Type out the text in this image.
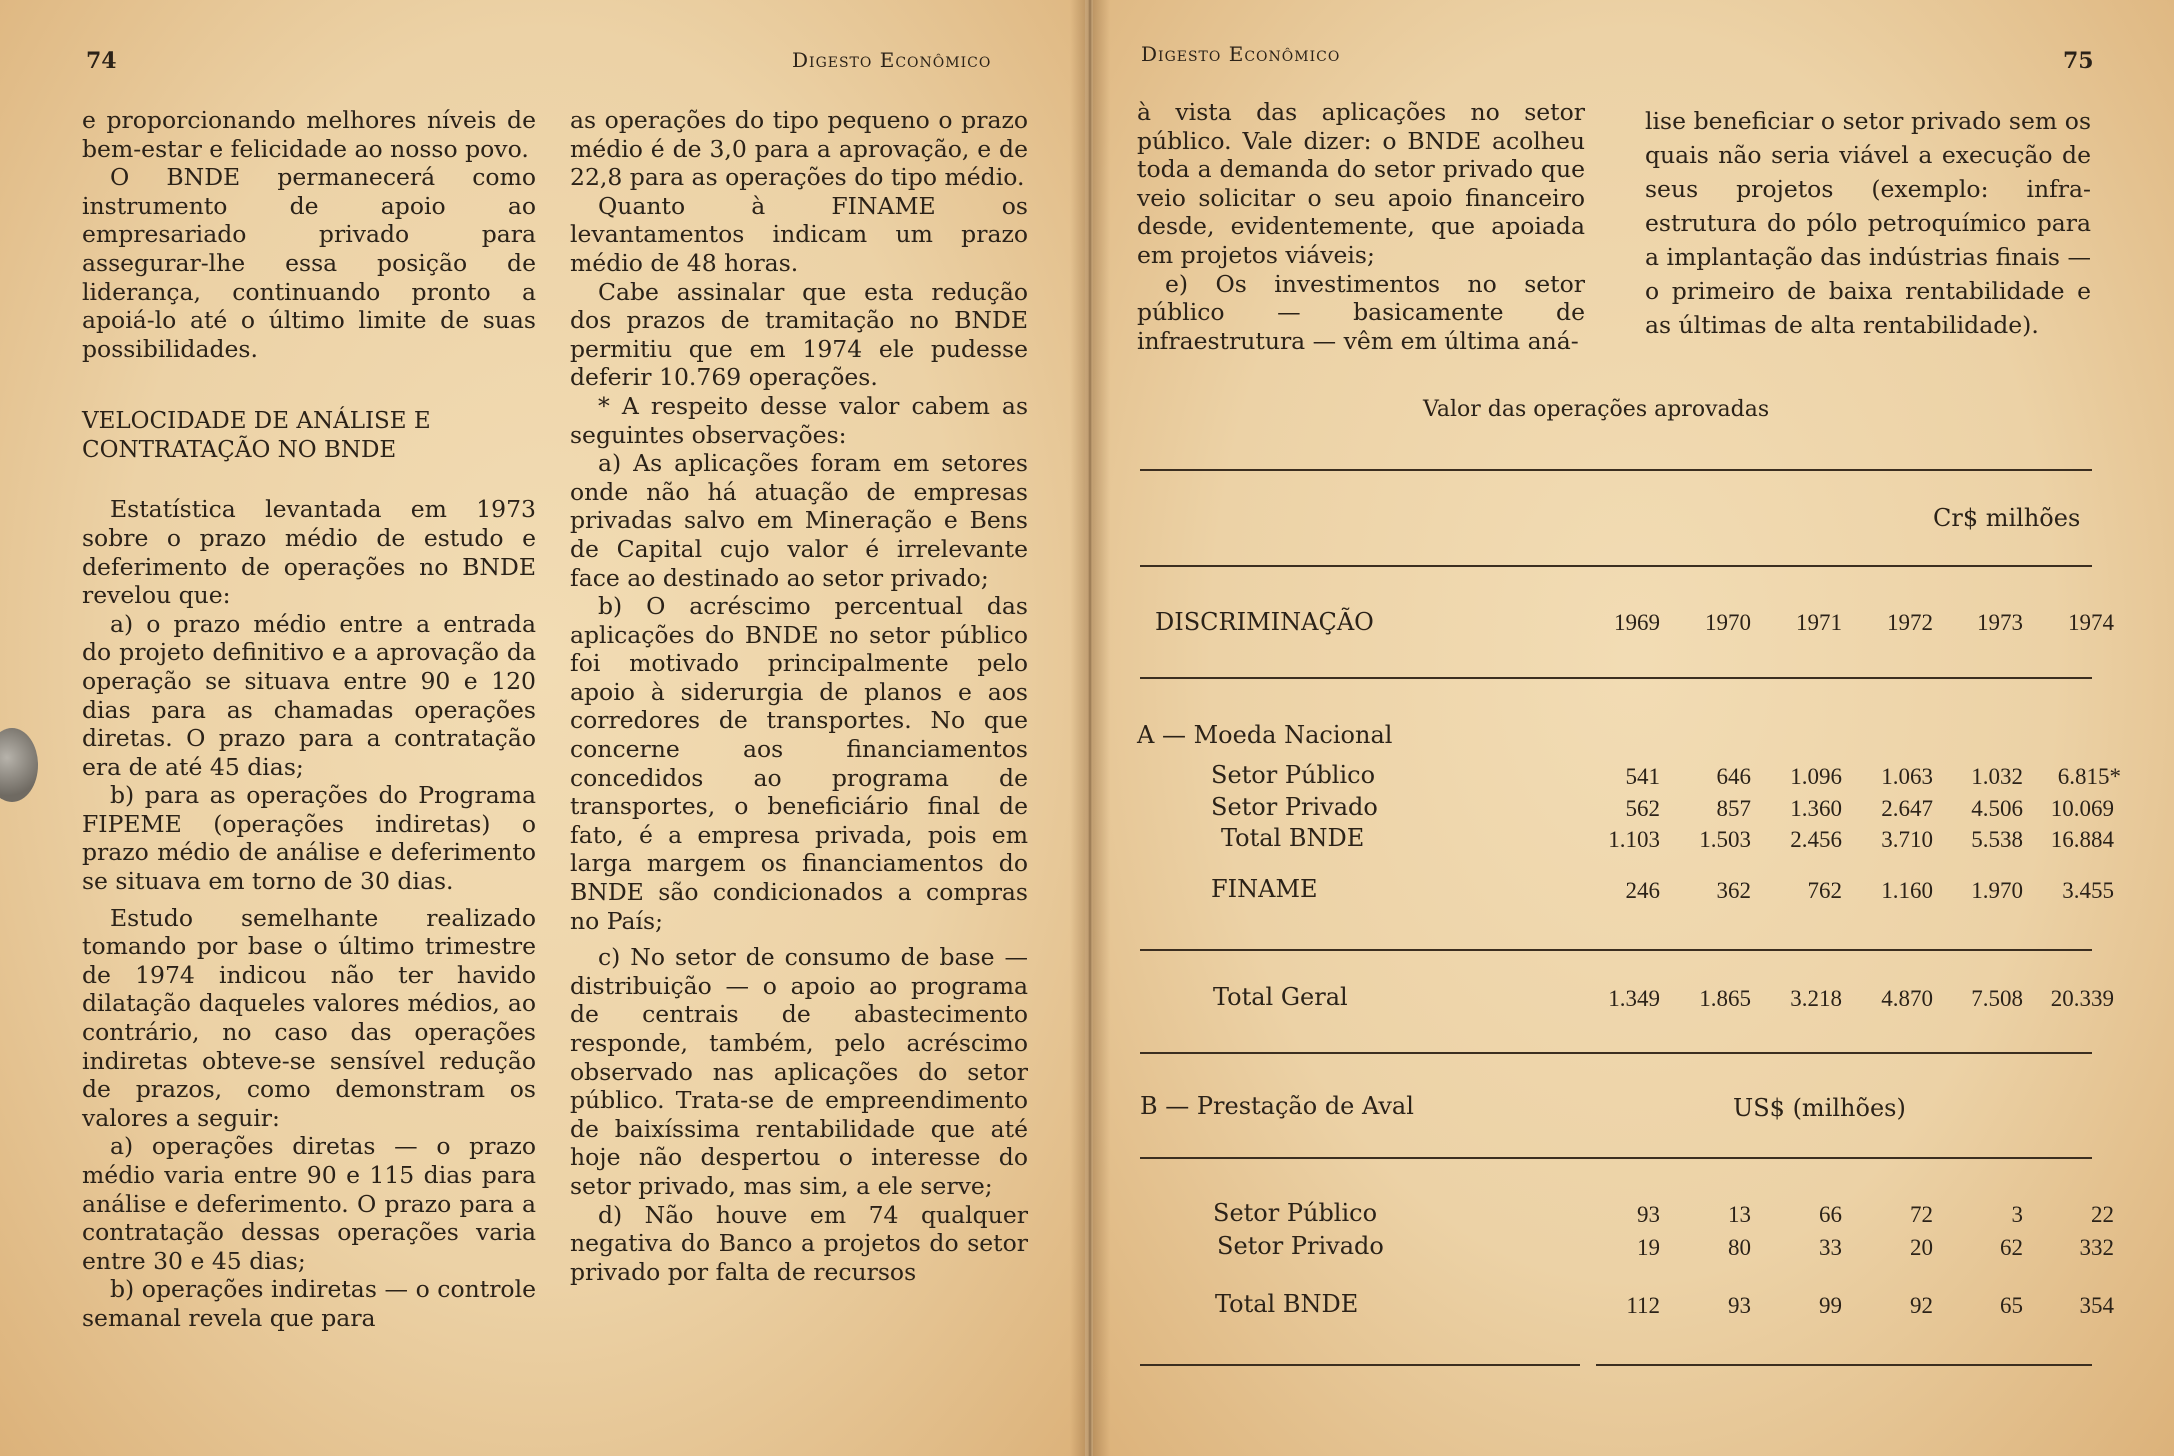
74	Digesto Econômico

e proporcionando melhores níveis de bem-estar e felicidade ao nosso povo.

O BNDE permanecerá como instrumento de apoio ao empresariado privado para assegurar-lhe essa posição de liderança, continuando pronto a apoiá-lo até o último limite de suas possibilidades.

VELOCIDADE DE ANÁLISE E CONTRATAÇÃO NO BNDE

Estatística levantada em 1973 sobre o prazo médio de estudo e deferimento de operações no BNDE revelou que:

a) o prazo médio entre a entrada do projeto definitivo e a aprovação da operação se situava entre 90 e 120 dias para as chamadas operações diretas. O prazo para a contratação era de até 45 dias;

b) para as operações do Programa FIPEME (operações indiretas) o prazo médio de análise e deferimento se situava em torno de 30 dias.

Estudo semelhante realizado tomando por base o último trimestre de 1974 indicou não ter havido dilatação daqueles valores médios, ao contrário, no caso das operações indiretas obteve-se sensível redução de prazos, como demonstram os valores a seguir:

a) operações diretas — o prazo médio varia entre 90 e 115 dias para análise e deferimento. O prazo para a contratação dessas operações varia entre 30 e 45 dias;

b) operações indiretas — o controle semanal revela que para

as operações do tipo pequeno o prazo médio é de 3,0 para a aprovação, e de 22,8 para as operações do tipo médio.

Quanto à FINAME os levantamentos indicam um prazo médio de 48 horas.

Cabe assinalar que esta redução dos prazos de tramitação no BNDE permitiu que em 1974 ele pudesse deferir 10.769 operações.

* A respeito desse valor cabem as seguintes observações:

a) As aplicações foram em setores onde não há atuação de empresas privadas salvo em Mineração e Bens de Capital cujo valor é irrelevante face ao destinado ao setor privado;

b) O acréscimo percentual das aplicações do BNDE no setor público foi motivado principalmente pelo apoio à siderurgia de planos e aos corredores de transportes. No que concerne aos financiamentos concedidos ao programa de transportes, o beneficiário final de fato, é a empresa privada, pois em larga margem os financiamentos do BNDE são condicionados a compras no País;

c) No setor de consumo de base — distribuição — o apoio ao programa de centrais de abastecimento responde, também, pelo acréscimo observado nas aplicações do setor público. Trata-se de empreendimento de baixíssima rentabilidade que até hoje não despertou o interesse do setor privado, mas sim, a ele serve;

d) Não houve em 74 qualquer negativa do Banco a projetos do setor privado por falta de recursos

Digesto Econômico	75

à vista das aplicações no setor público. Vale dizer: o BNDE acolheu toda a demanda do setor privado que veio solicitar o seu apoio financeiro desde, evidentemente, que apoiada em projetos viáveis;

e) Os investimentos no setor público — basicamente de infraestrutura — vêm em última aná-

lise beneficiar o setor privado sem os quais não seria viável a execução de seus projetos (exemplo: infra-estrutura do pólo petroquímico para a implantação das indústrias finais — o primeiro de baixa rentabilidade e as últimas de alta rentabilidade).

Valor das operações aprovadas
Cr$ milhões
DISCRIMINAÇÃO	1969	1970	1971	1972	1973	1974
A — Moeda Nacional
Setor Público	541	646	1.096	1.063	1.032	6.815*
Setor Privado	562	857	1.360	2.647	4.506	10.069
Total BNDE	1.103	1.503	2.456	3.710	5.538	16.884
FINAME	246	362	762	1.160	1.970	3.455
Total Geral	1.349	1.865	3.218	4.870	7.508	20.339
B — Prestação de Aval	US$ (milhões)
Setor Público	93	13	66	72	3	22
Setor Privado	19	80	33	20	62	332
Total BNDE	112	93	99	92	65	354
